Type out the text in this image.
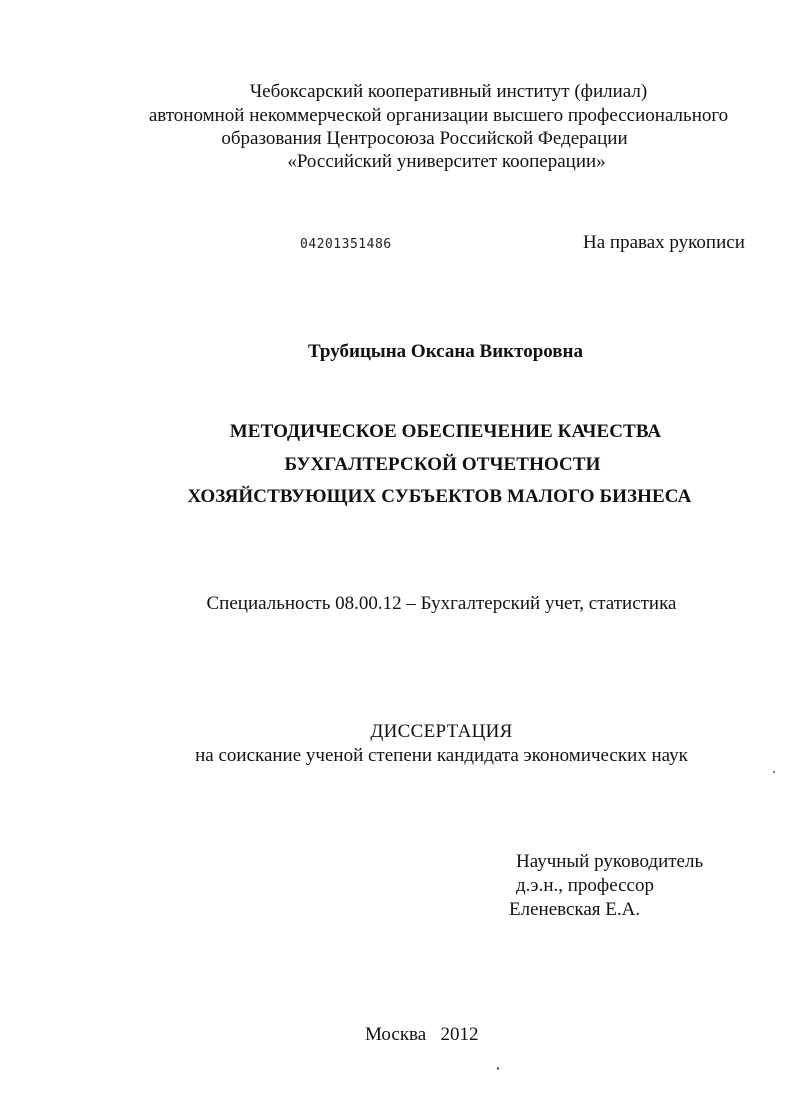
Чебоксарский кооперативный институт (филиал)
автономной некоммерческой организации высшего профессионального
образования Центросоюза Российской Федерации
«Российский университет кооперации»
04201351486	На правах рукописи
Трубицына Оксана Викторовна
МЕТОДИЧЕСКОЕ ОБЕСПЕЧЕНИЕ КАЧЕСТВА
БУХГАЛТЕРСКОЙ ОТЧЕТНОСТИ
ХОЗЯЙСТВУЮЩИХ СУБЪЕКТОВ МАЛОГО БИЗНЕСА
Специальность 08.00.12 – Бухгалтерский учет, статистика
ДИССЕРТАЦИЯ
на соискание ученой степени кандидата экономических наук
Научный руководитель
д.э.н., профессор
Еленевская Е.А.
Москва   2012
